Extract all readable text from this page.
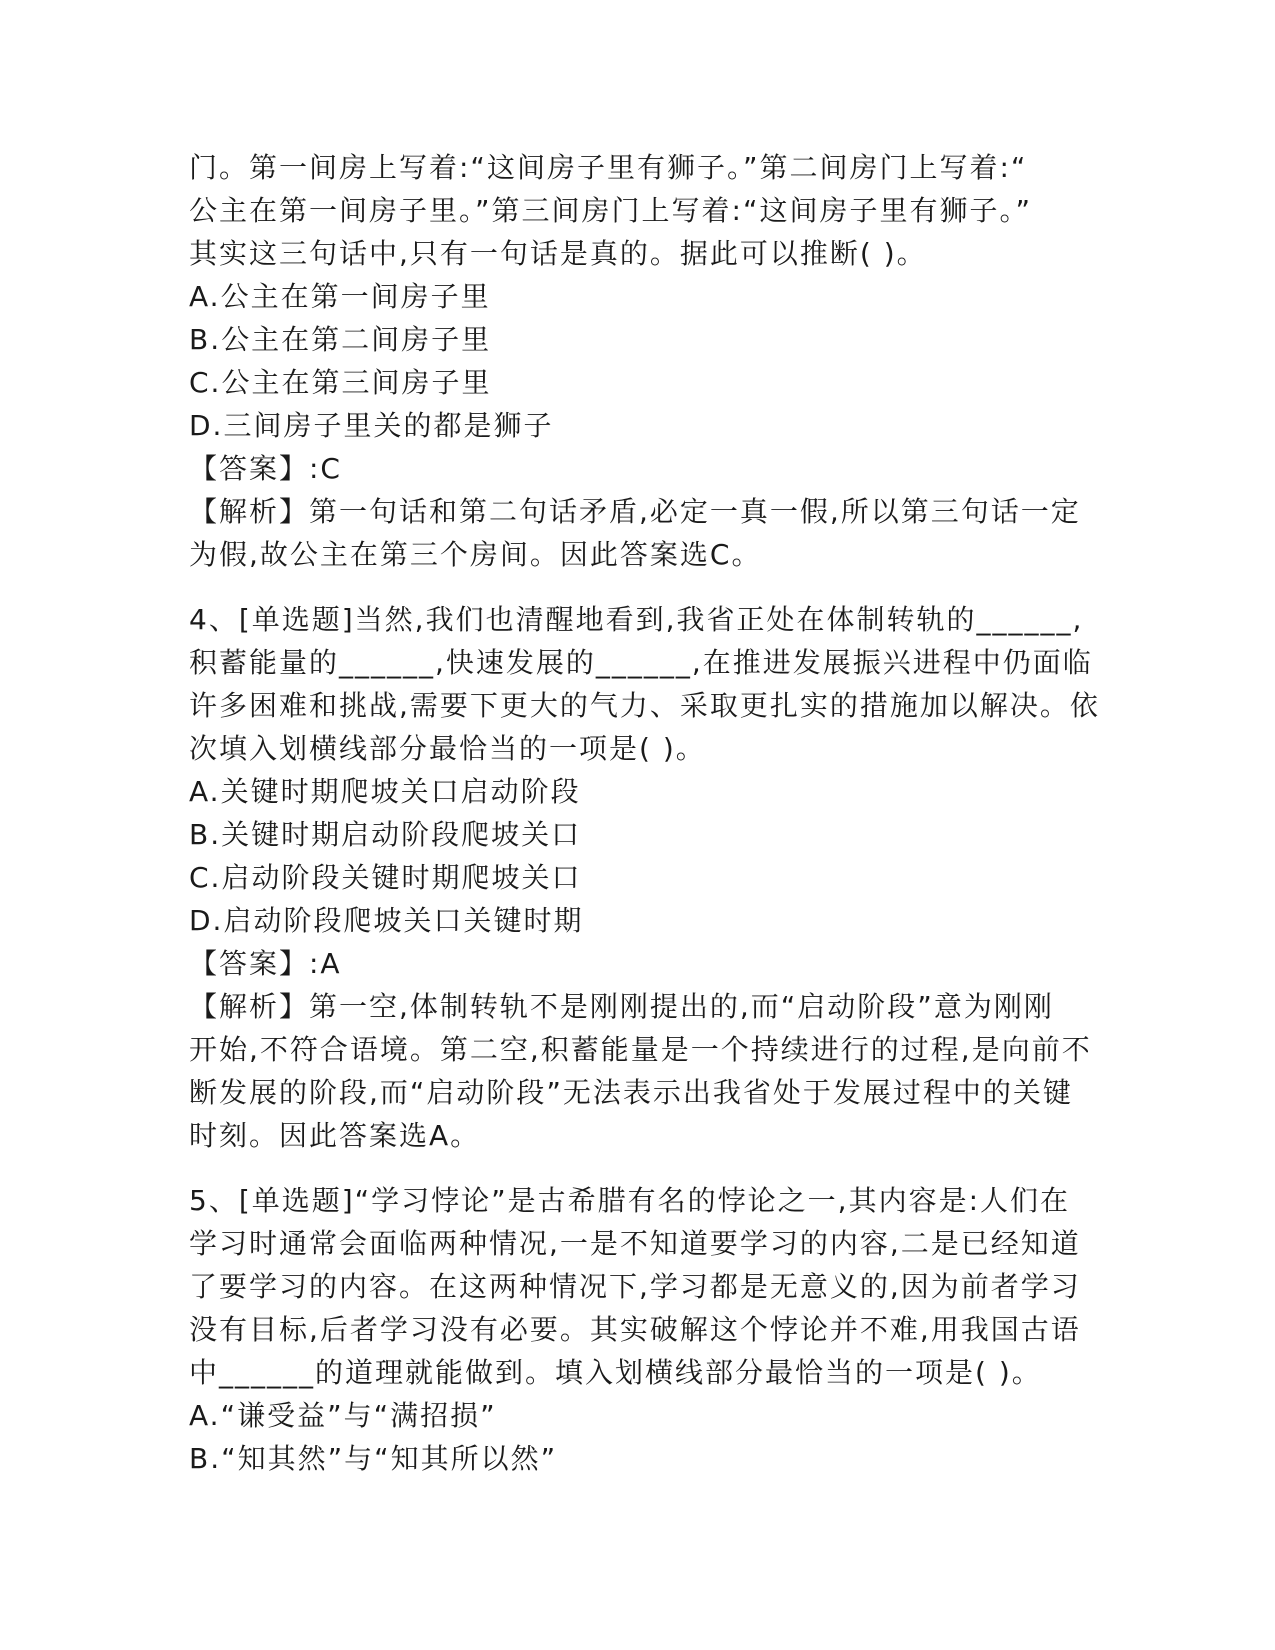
门。第一间房上写着:“这间房子里有狮子。”第二间房门上写着:“
公主在第一间房子里。”第三间房门上写着:“这间房子里有狮子。”
其实这三句话中,只有一句话是真的。据此可以推断( )。
A.公主在第一间房子里
B.公主在第二间房子里
C.公主在第三间房子里
D.三间房子里关的都是狮子
【答案】:C
【解析】第一句话和第二句话矛盾,必定一真一假,所以第三句话一定
为假,故公主在第三个房间。因此答案选C。
4、[单选题]当然,我们也清醒地看到,我省正处在体制转轨的______,
积蓄能量的______,快速发展的______,在推进发展振兴进程中仍面临
许多困难和挑战,需要下更大的气力、采取更扎实的措施加以解决。依
次填入划横线部分最恰当的一项是( )。
A.关键时期爬坡关口启动阶段
B.关键时期启动阶段爬坡关口
C.启动阶段关键时期爬坡关口
D.启动阶段爬坡关口关键时期
【答案】:A
【解析】第一空,体制转轨不是刚刚提出的,而“启动阶段”意为刚刚
开始,不符合语境。第二空,积蓄能量是一个持续进行的过程,是向前不
断发展的阶段,而“启动阶段”无法表示出我省处于发展过程中的关键
时刻。因此答案选A。
5、[单选题]“学习悖论”是古希腊有名的悖论之一,其内容是:人们在
学习时通常会面临两种情况,一是不知道要学习的内容,二是已经知道
了要学习的内容。在这两种情况下,学习都是无意义的,因为前者学习
没有目标,后者学习没有必要。其实破解这个悖论并不难,用我国古语
中______的道理就能做到。填入划横线部分最恰当的一项是( )。
A.“谦受益”与“满招损”
B.“知其然”与“知其所以然”
